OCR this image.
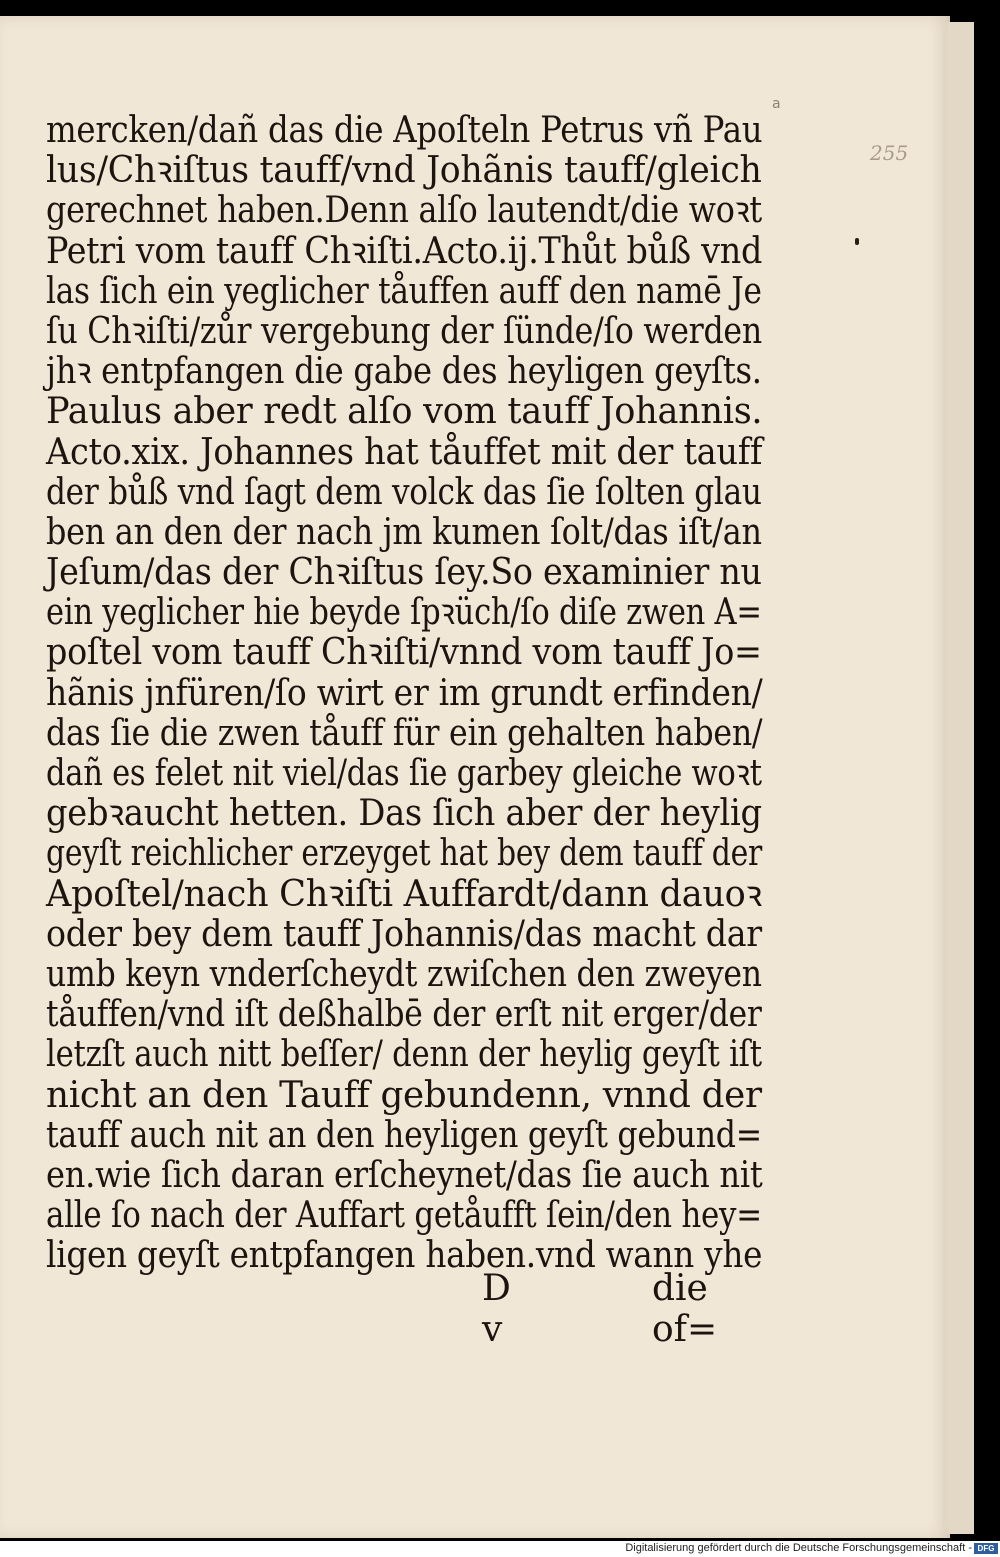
a
255
mercken/dañ das die Apoſteln Petrus vñ Pau
lus/Chꝛiſtus tauff/vnd Johãnis tauff/gleich
gerechnet haben.Denn alſo lautendt/die woꝛt
Petri vom tauff Chꝛiſti.Acto.ij.Thůt bůß vnd
las ſich ein yeglicher tåuffen auff den namē Je
ſu Chꝛiſti/zůr vergebung der ſünde/ſo werden
jhꝛ entpfangen die gabe des heyligen geyſts.
Paulus aber redt alſo vom tauff Johannis.
Acto.xix. Johannes hat tåuffet mit der tauff
der bůß vnd ſagt dem volck das ſie ſolten glau
ben an den der nach jm kumen ſolt/das iſt/an
Jeſum/das der Chꝛiſtus ſey.So examinier nu
ein yeglicher hie beyde ſpꝛüch/ſo diſe zwen A=
poſtel vom tauff Chꝛiſti/vnnd vom tauff Jo=
hãnis jnfüren/ſo wirt er im grundt erfinden/
das ſie die zwen tåuff für ein gehalten haben/
dañ es felet nit viel/das ſie garbey gleiche woꝛt
gebꝛaucht hetten. Das ſich aber der heylig
geyſt reichlicher erzeyget hat bey dem tauff der
Apoſtel/nach Chꝛiſti Auffardt/dann dauoꝛ
oder bey dem tauff Johannis/das macht dar
umb keyn vnderſcheydt zwiſchen den zweyen
tåuffen/vnd iſt deßhalbē der erſt nit erger/der
letzſt auch nitt beſſer/ denn der heylig geyſt iſt
nicht an den Tauff gebundenn, vnnd der
tauff auch nit an den heyligen geyſt gebund=
en.wie ſich daran erſcheynet/das ſie auch nit
alle ſo nach der Auffart getåufft ſein/den hey=
ligen geyſt entpfangen haben.vnd wann yhe
D v
die of=
Digitalisierung gefördert durch die Deutsche Forschungsgemeinschaft - DFG
